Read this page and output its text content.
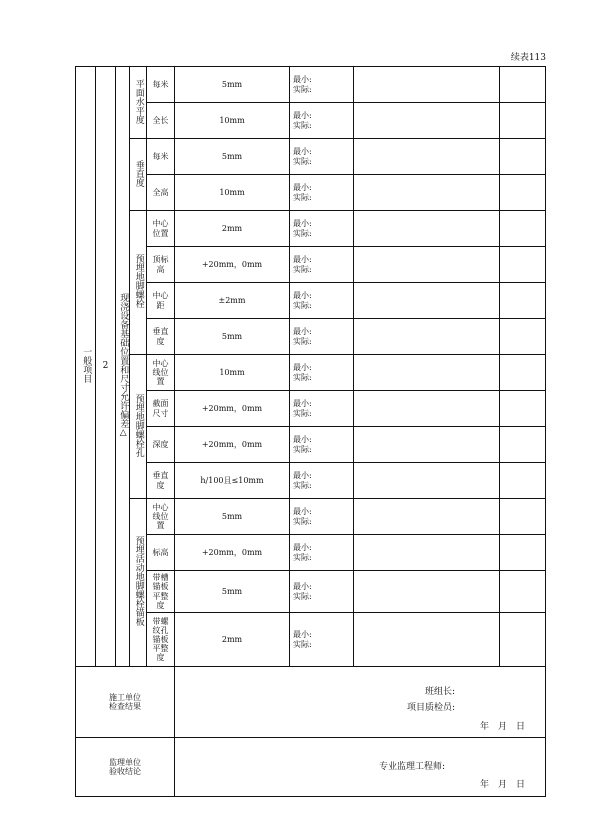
续表113
一般项目	2	现浇设备基础位置和尺寸允许偏差△	平面水平度	每米	5mm	最小:
实际:		

				全长	10mm	最小:
实际:		

			垂直度	每米	5mm	最小:
实际:		

				全高	10mm	最小:
实际:		

			预埋地脚螺栓	中心
位置	2mm	最小:
实际:		

				顶标
高	+20mm，0mm	最小:
实际:		

				中心
距	±2mm	最小:
实际:		

				垂直
度	5mm	最小:
实际:		

			预埋地脚螺栓孔	中心
线位
置	10mm	最小:
实际:		

				截面
尺寸	+20mm，0mm	最小:
实际:		

				深度	+20mm，0mm	最小:
实际:		

				垂直
度	h/100且≤10mm	最小:
实际:		

			预埋活动地脚螺栓锚板	中心
线位
置	5mm	最小:
实际:		

				标高	+20mm，0mm	最小:
实际:		

				带槽
锚板
平整
度	5mm	最小:
实际:		

				带螺
纹孔
锚板
平整
度	2mm	最小:
实际:		

施工单位
检查结果					班组长:
项目质检员:
年　月　日			

监理单位
验收结论					专业监理工程师:
年　月　日			
